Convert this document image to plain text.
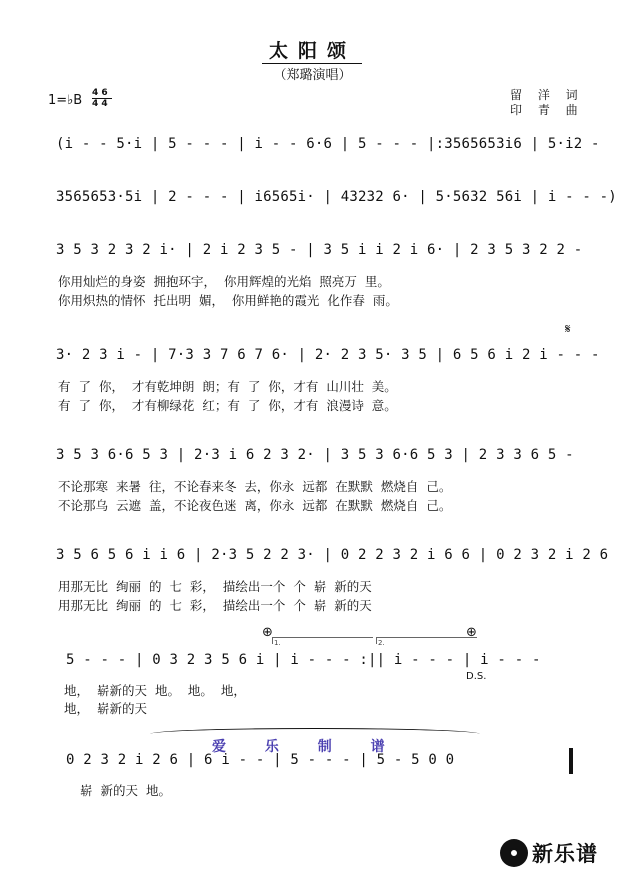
太阳颂
（郑璐演唱）
留 洋 词
印 青 曲
1=♭B 4 6
4 4
(i - - 5·i | 5 - - - | i - - 6·6 | 5 - - - |:3565653i6 | 5·i2 -
3565653·5i | 2 - - - | i6565i· | 43232 6· | 5·5632 56i | i - - -)
3 5 3 2 3 2 i· | 2 i 2 3 5 - | 3 5 i i 2 i 6· | 2 3 5 3 2 2 -
你用灿烂的身姿 拥抱环宇， 你用辉煌的光焰 照亮万 里。
你用炽热的情怀 托出明 媚， 你用鲜艳的霞光 化作春 雨。
𝄋
3· 2 3 i - | 7·3 3 7 6 7 6· | 2· 2 3 5· 3 5 | 6 5 6 i 2 i - - -
有 了 你， 才有乾坤朗 朗；有 了 你，才有 山川壮 美。
有 了 你， 才有柳绿花 红；有 了 你，才有 浪漫诗 意。
3 5 3 6·6 5 3 | 2·3 i 6 2 3 2· | 3 5 3 6·6 5 3 | 2 3 3 6 5 -
不论那寒 来暑 往，不论春来冬 去，你永 远都 在默默 燃烧自 己。
不论那乌 云遮 盖，不论夜色迷 离，你永 远都 在默默 燃烧自 己。
3 5 6 5 6 i i 6 | 2·3 5 2 2 3· | 0 2 2 3 2 i 6 6 | 0 2 3 2 i 2 6
用那无比 绚丽 的 七 彩， 描绘出一个 个 崭 新的天
用那无比 绚丽 的 七 彩， 描绘出一个 个 崭 新的天
⊕	⊕
1.	2.
5 - - - | 0 3 2 3 5 6 i | i - - - :|| i - - - | i - - -
地， 崭新的天 地。 地。 地，
地， 崭新的天
D.S.
爱	乐	制	谱
0 2 3 2 i 2 6 | 6 i - - | 5 - - - | 5 - 5 0 0
崭 新的天 地。
新乐谱
